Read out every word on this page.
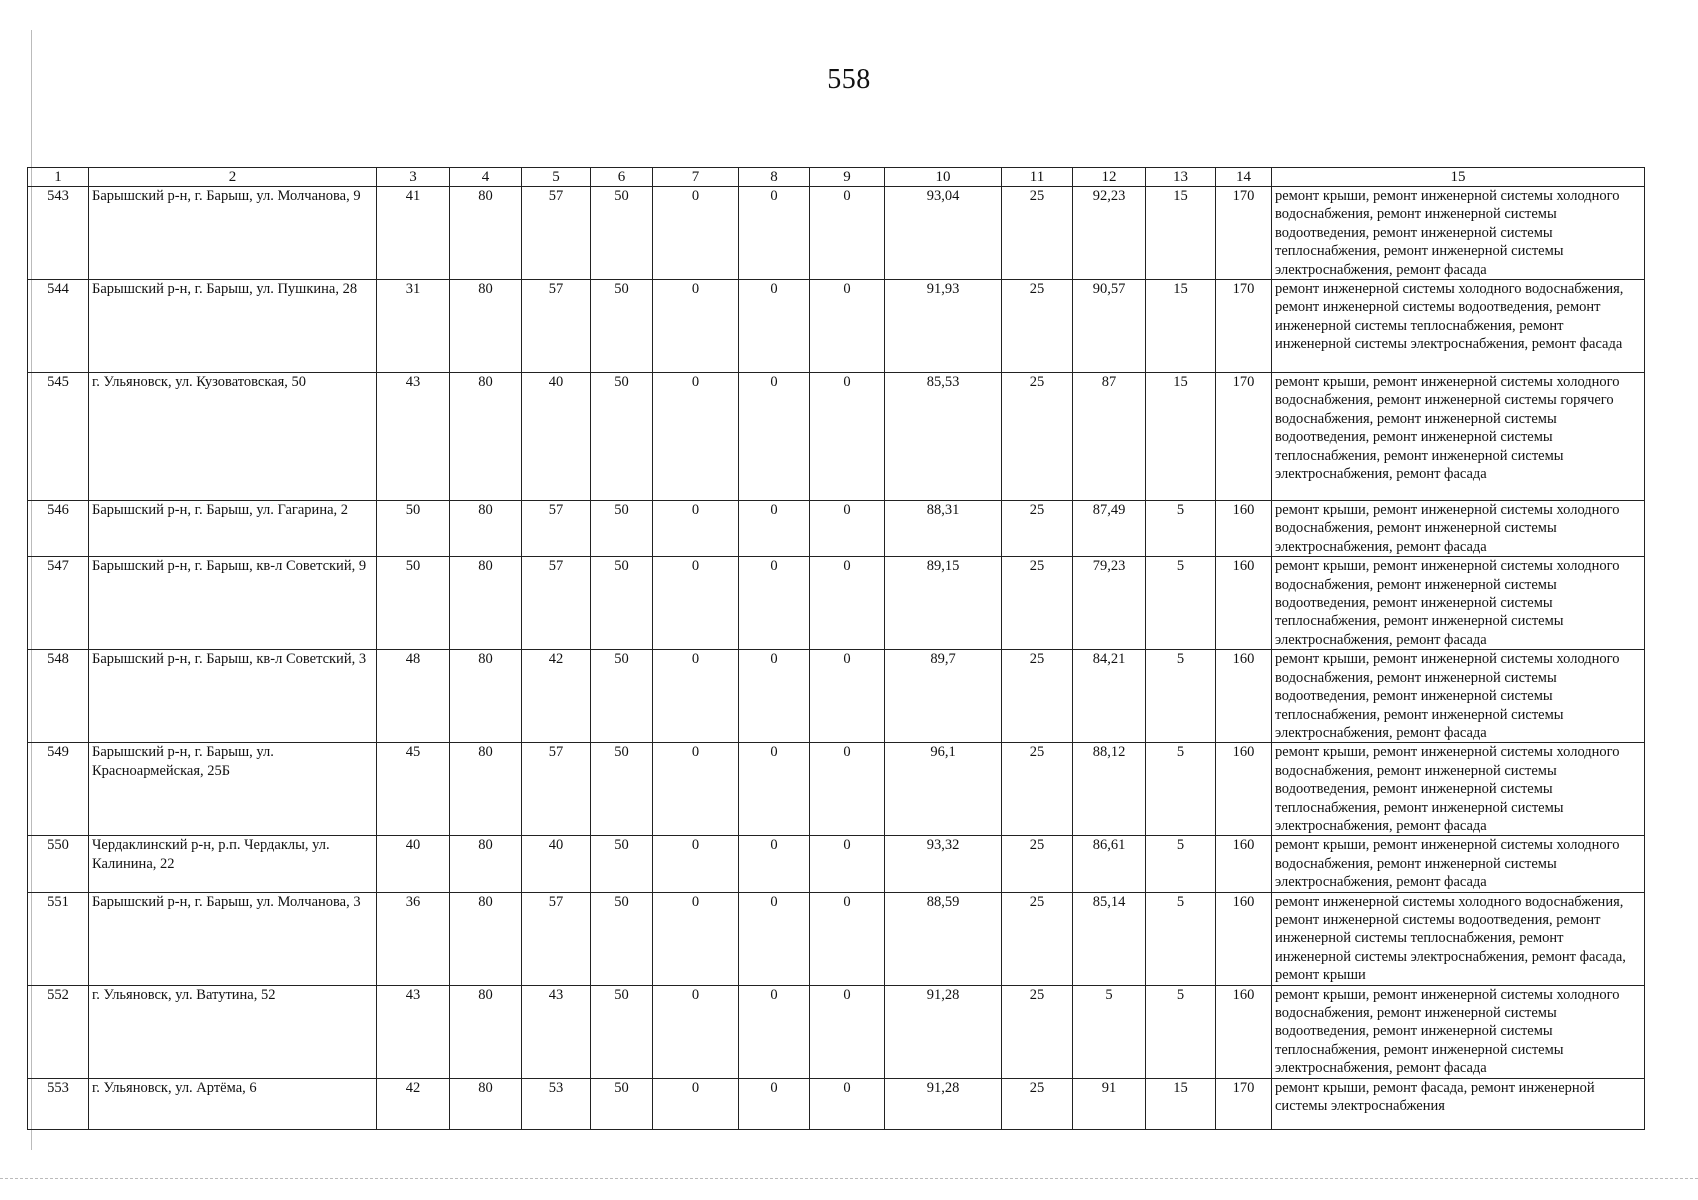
558
1	2	3	4	5	6	7	8	9	10	11	12	13	14	15
543	Барышский р-н, г. Барыш, ул. Молчанова, 9	41	80	57	50	0	0	0	93,04	25	92,23	15	170	ремонт крыши, ремонт инженерной системы холодного водоснабжения, ремонт инженерной системы водоотведения, ремонт инженерной системы теплоснабжения, ремонт инженерной системы электроснабжения, ремонт фасада
544	Барышский р-н, г. Барыш, ул. Пушкина, 28	31	80	57	50	0	0	0	91,93	25	90,57	15	170	ремонт инженерной системы холодного водоснабжения, ремонт инженерной системы водоотведения, ремонт инженерной системы теплоснабжения, ремонт инженерной системы электроснабжения, ремонт фасада
545	г. Ульяновск, ул. Кузоватовская, 50	43	80	40	50	0	0	0	85,53	25	87	15	170	ремонт крыши, ремонт инженерной системы холодного водоснабжения, ремонт инженерной системы горячего водоснабжения, ремонт инженерной системы водоотведения, ремонт инженерной системы теплоснабжения, ремонт инженерной системы электроснабжения, ремонт фасада
546	Барышский р-н, г. Барыш, ул. Гагарина, 2	50	80	57	50	0	0	0	88,31	25	87,49	5	160	ремонт крыши, ремонт инженерной системы холодного водоснабжения, ремонт инженерной системы электроснабжения, ремонт фасада
547	Барышский р-н, г. Барыш, кв-л Советский, 9	50	80	57	50	0	0	0	89,15	25	79,23	5	160	ремонт крыши, ремонт инженерной системы холодного водоснабжения, ремонт инженерной системы водоотведения, ремонт инженерной системы теплоснабжения, ремонт инженерной системы электроснабжения, ремонт фасада
548	Барышский р-н, г. Барыш, кв-л Советский, 3	48	80	42	50	0	0	0	89,7	25	84,21	5	160	ремонт крыши, ремонт инженерной системы холодного водоснабжения, ремонт инженерной системы водоотведения, ремонт инженерной системы теплоснабжения, ремонт инженерной системы электроснабжения, ремонт фасада
549	Барышский р-н, г. Барыш, ул. Красноармейская, 25Б	45	80	57	50	0	0	0	96,1	25	88,12	5	160	ремонт крыши, ремонт инженерной системы холодного водоснабжения, ремонт инженерной системы водоотведения, ремонт инженерной системы теплоснабжения, ремонт инженерной системы электроснабжения, ремонт фасада
550	Чердаклинский р-н, р.п. Чердаклы, ул. Калинина, 22	40	80	40	50	0	0	0	93,32	25	86,61	5	160	ремонт крыши, ремонт инженерной системы холодного водоснабжения, ремонт инженерной системы электроснабжения, ремонт фасада
551	Барышский р-н, г. Барыш, ул. Молчанова, 3	36	80	57	50	0	0	0	88,59	25	85,14	5	160	ремонт инженерной системы холодного водоснабжения, ремонт инженерной системы водоотведения, ремонт инженерной системы теплоснабжения, ремонт инженерной системы электроснабжения, ремонт фасада, ремонт крыши
552	г. Ульяновск, ул. Ватутина, 52	43	80	43	50	0	0	0	91,28	25	5	5	160	ремонт крыши, ремонт инженерной системы холодного водоснабжения, ремонт инженерной системы водоотведения, ремонт инженерной системы теплоснабжения, ремонт инженерной системы электроснабжения, ремонт фасада
553	г. Ульяновск, ул. Артёма, 6	42	80	53	50	0	0	0	91,28	25	91	15	170	ремонт крыши, ремонт фасада, ремонт инженерной системы электроснабжения
